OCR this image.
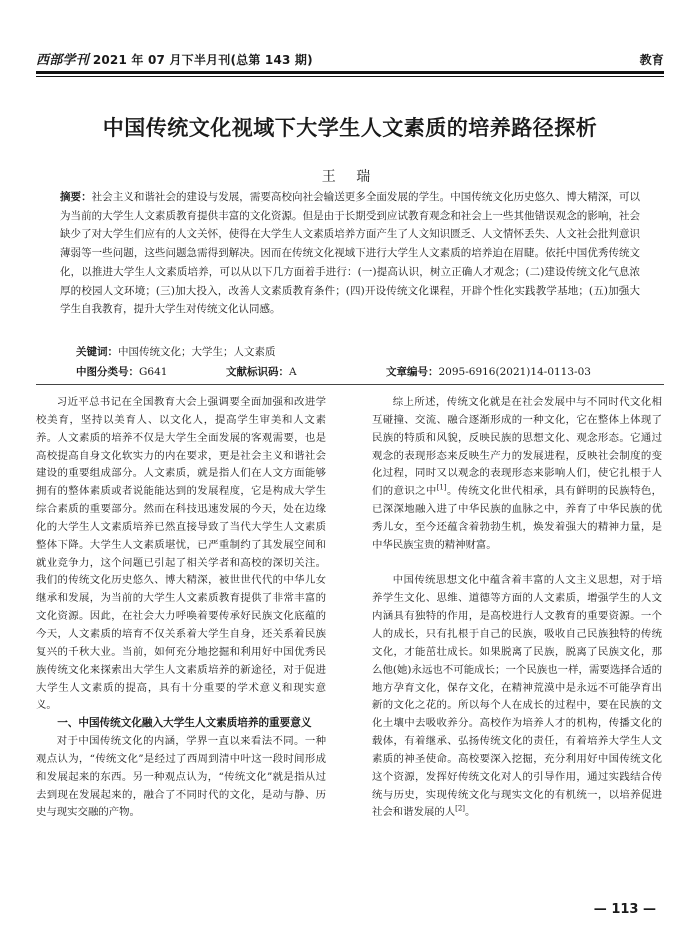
西部学刊 2021 年 07 月下半月刊(总第 143 期)	教育
中国传统文化视域下大学生人文素质的培养路径探析
王 瑞
摘要：社会主义和谐社会的建设与发展，需要高校向社会输送更多全面发展的学生。中国传统文化历史悠久、博大精深，可以为当前的大学生人文素质教育提供丰富的文化资源。但是由于长期受到应试教育观念和社会上一些其他错误观念的影响，社会缺少了对大学生们应有的人文关怀，使得在大学生人文素质培养方面产生了人文知识匮乏、人文情怀丢失、人文社会批判意识薄弱等一些问题，这些问题急需得到解决。因而在传统文化视域下进行大学生人文素质的培养迫在眉睫。依托中国优秀传统文化，以推进大学生人文素质培养，可以从以下几方面着手进行：(一)提高认识，树立正确人才观念；(二)建设传统文化气息浓厚的校园人文环境；(三)加大投入，改善人文素质教育条件；(四)开设传统文化课程，开辟个性化实践教学基地；(五)加强大学生自我教育，提升大学生对传统文化认同感。
关键词：中国传统文化；大学生；人文素质
中图分类号：G641	文献标识码：A	文章编号：2095-6916(2021)14-0113-03

习近平总书记在全国教育大会上强调要全面加强和改进学校美育，坚持以美育人、以文化人，提高学生审美和人文素养。人文素质的培养不仅是大学生全面发展的客观需要，也是高校提高自身文化软实力的内在要求，更是社会主义和谐社会建设的重要组成部分。人文素质，就是指人们在人文方面能够拥有的整体素质或者说能能达到的发展程度，它是构成大学生综合素质的重要部分。然而在科技迅速发展的今天，处在边缘化的大学生人文素质培养已然直接导致了当代大学生人文素质整体下降。大学生人文素质堪忧，已严重制约了其发展空间和就业竞争力，这个问题已引起了相关学者和高校的深切关注。我们的传统文化历史悠久、博大精深，被世世代代的中华儿女继承和发展，为当前的大学生人文素质教育提供了非常丰富的文化资源。因此，在社会大力呼唤着要传承好民族文化底蕴的今天，人文素质的培育不仅关系着大学生自身，还关系着民族复兴的千秋大业。当前，如何充分地挖掘和利用好中国优秀民族传统文化来探索出大学生人文素质培养的新途径，对于促进大学生人文素质的提高，具有十分重要的学术意义和现实意义。

一、中国传统文化融入大学生人文素质培养的重要意义

对于中国传统文化的内涵，学界一直以来看法不同。一种观点认为，“传统文化”是经过了西周到清中叶这一段时间形成和发展起来的东西。另一种观点认为，“传统文化”就是指从过去到现在发展起来的，融合了不同时代的文化，是动与静、历史与现实交融的产物。

综上所述，传统文化就是在社会发展中与不同时代文化相互碰撞、交流、融合逐渐形成的一种文化，它在整体上体现了民族的特质和风貌，反映民族的思想文化、观念形态。它通过观念的表现形态来反映生产力的发展进程，反映社会制度的变化过程，同时又以观念的表现形态来影响人们，使它扎根于人们的意识之中[1]。传统文化世代相承，具有鲜明的民族特色，已深深地融入进了中华民族的血脉之中，养育了中华民族的优秀儿女，至今还蕴含着勃勃生机，焕发着强大的精神力量，是中华民族宝贵的精神财富。

中国传统思想文化中蕴含着丰富的人文主义思想，对于培养学生文化、思维、道德等方面的人文素质，增强学生的人文内涵具有独特的作用，是高校进行人文教育的重要资源。一个人的成长，只有扎根于自己的民族，吸收自己民族独特的传统文化，才能茁壮成长。如果脱离了民族，脱离了民族文化，那么他(她)永远也不可能成长；一个民族也一样，需要选择合适的地方孕育文化，保存文化，在精神荒漠中是永远不可能孕育出新的文化之花的。所以每个人在成长的过程中，要在民族的文化土壤中去吸收养分。高校作为培养人才的机构，传播文化的载体，有着继承、弘扬传统文化的责任，有着培养大学生人文素质的神圣使命。高校要深入挖掘，充分利用好中国传统文化这个资源，发挥好传统文化对人的引导作用，通过实践结合传统与历史，实现传统文化与现实文化的有机统一，以培养促进社会和谐发展的人[2]。

— 113 —
